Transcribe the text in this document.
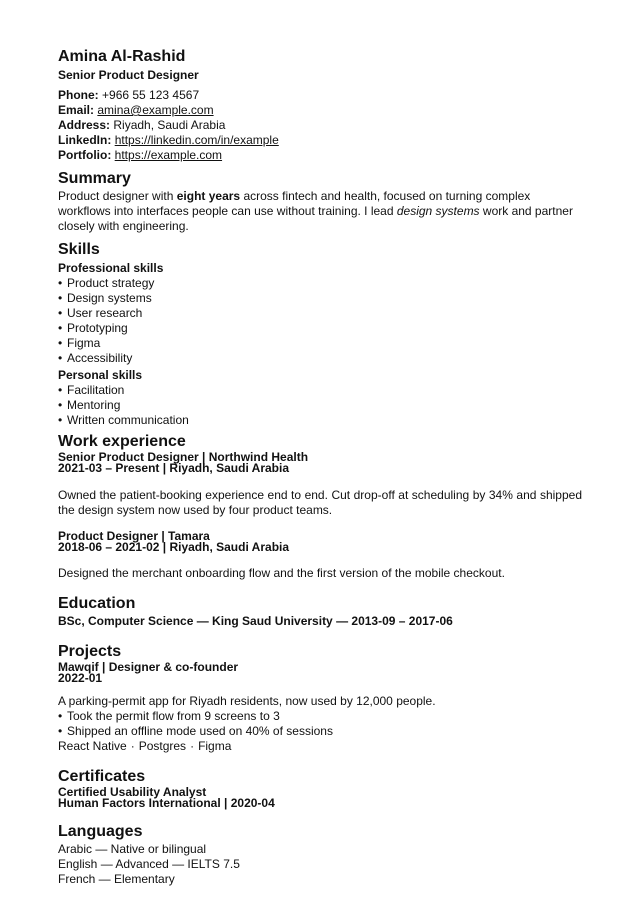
Amina Al-Rashid
Senior Product Designer
Phone: +966 55 123 4567
Email: amina@example.com
Address: Riyadh, Saudi Arabia
LinkedIn: https://linkedin.com/in/example
Portfolio: https://example.com
Summary

Product designer with eight years across fintech and health, focused on turning complex workflows into interfaces people can use without training. I lead design systems work and partner closely with engineering.

Skills
Professional skills
• Product strategy
• Design systems
• User research
• Prototyping
• Figma
• Accessibility
Personal skills
• Facilitation
• Mentoring
• Written communication
Work experience
Senior Product Designer | Northwind Health
2021-03 – Present | Riyadh, Saudi Arabia

Owned the patient-booking experience end to end. Cut drop-off at scheduling by 34% and shipped the design system now used by four product teams.

Product Designer | Tamara
2018-06 – 2021-02 | Riyadh, Saudi Arabia

Designed the merchant onboarding flow and the first version of the mobile checkout.

Education
BSc, Computer Science — King Saud University — 2013-09 – 2017-06
Projects
Mawqif | Designer & co-founder
2022-01

A parking-permit app for Riyadh residents, now used by 12,000 people.

• Took the permit flow from 9 screens to 3
• Shipped an offline mode used on 40% of sessions
React Native · Postgres · Figma
Certificates
Certified Usability Analyst
Human Factors International | 2020-04
Languages
Arabic — Native or bilingual
English — Advanced — IELTS 7.5
French — Elementary
